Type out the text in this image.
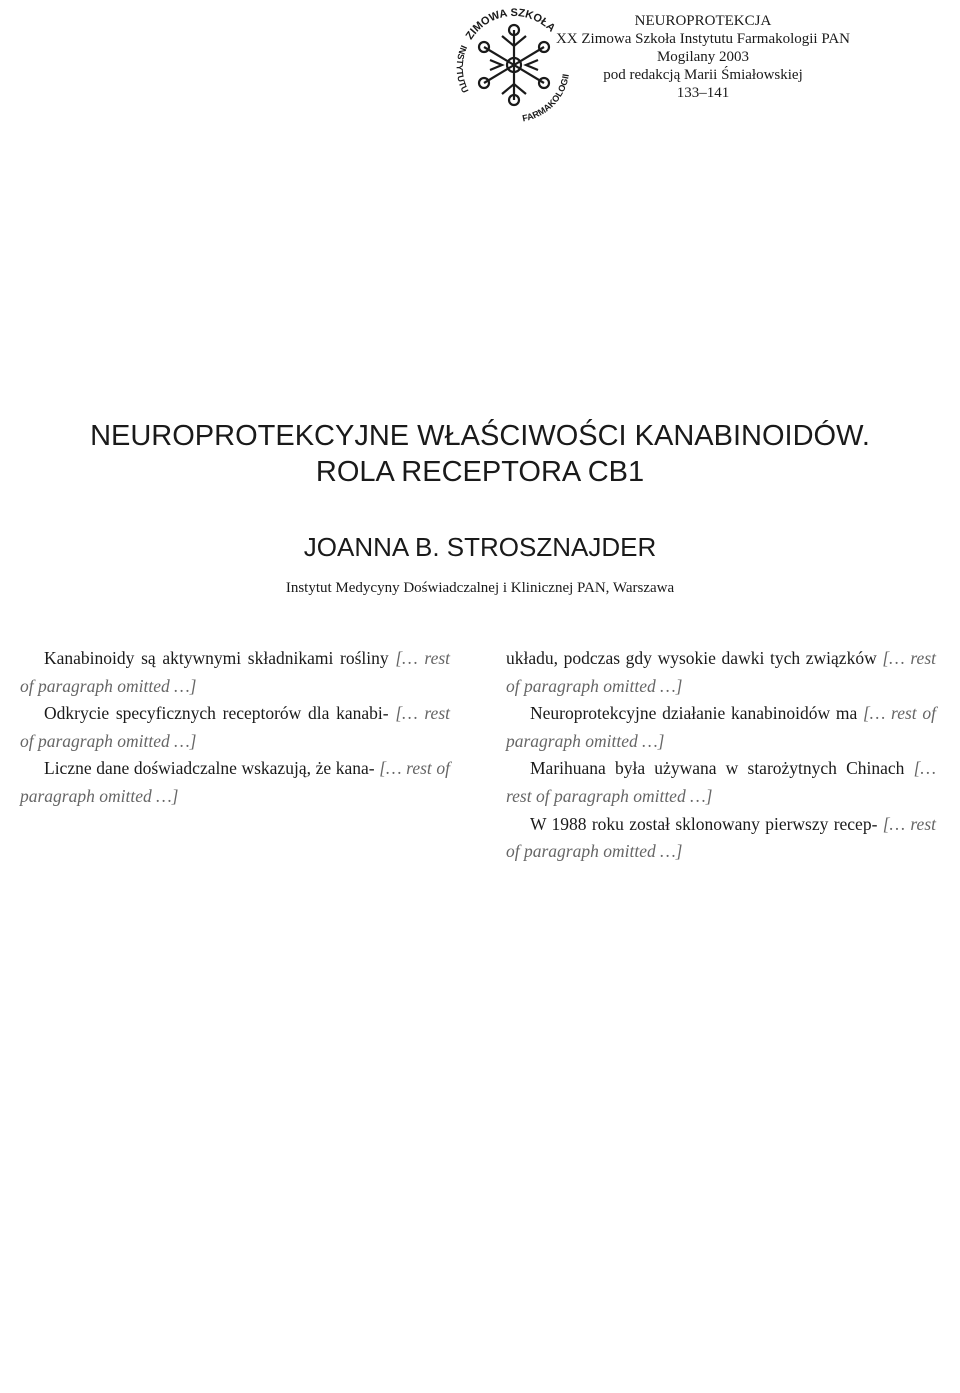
ZIMOWA SZKOŁA
INSTYTUTU
FARMAKOLOGII
NEUROPROTEKCJA
XX Zimowa Szkoła Instytutu Farmakologii PAN
Mogilany 2003
pod redakcją Marii Śmiałowskiej
133–141
NEUROPROTEKCYJNE WŁAŚCIWOŚCI KANABINOIDÓW.
ROLA RECEPTORA CB1
JOANNA B. STROSZNAJDER
Instytut Medycyny Doświadczalnej i Klinicznej PAN, Warszawa

Kanabinoidy są aktywnymi składnikami rośliny [… rest of paragraph omitted …]

Odkrycie specyficznych receptorów dla kanabi- [… rest of paragraph omitted …]

Liczne dane doświadczalne wskazują, że kana- [… rest of paragraph omitted …]

układu, podczas gdy wysokie dawki tych związków [… rest of paragraph omitted …]

Neuroprotekcyjne działanie kanabinoidów ma [… rest of paragraph omitted …]

Marihuana była używana w starożytnych Chinach [… rest of paragraph omitted …]

W 1988 roku został sklonowany pierwszy recep- [… rest of paragraph omitted …]
